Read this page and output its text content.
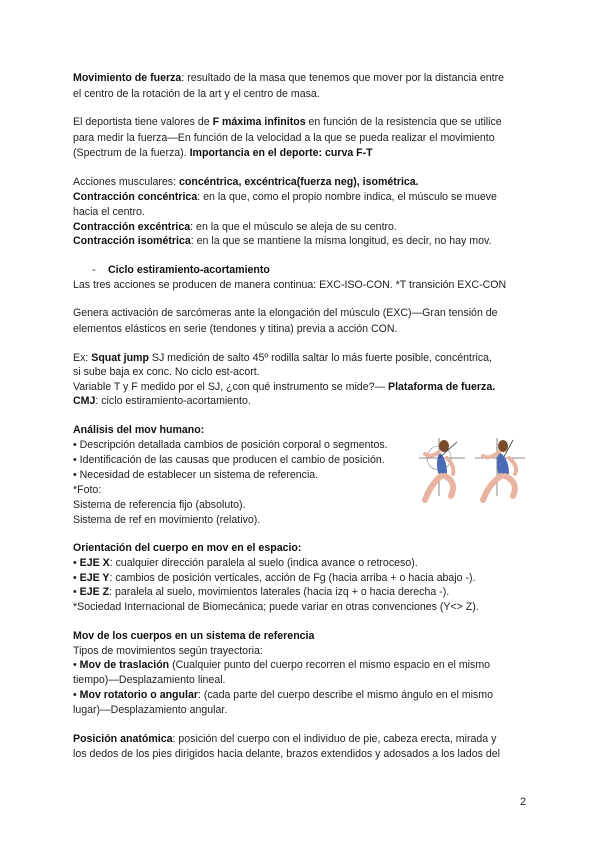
Movimiento de fuerza: resultado de la masa que tenemos que mover por la distancia entre
el centro de la rotación de la art y el centro de masa.
El deportista tiene valores de F máxima infinitos en función de la resistencia que se utilice
para medir la fuerza—En función de la velocidad a la que se pueda realizar el movimiento
(Spectrum de la fuerza). Importancia en el deporte: curva F-T
Acciones musculares: concéntrica, excéntrica(fuerza neg), isométrica.
Contracción concéntrica: en la que, como el propio nombre indica, el músculo se mueve
hacia el centro.
Contracción excéntrica: en la que el músculo se aleja de su centro.
Contracción isométrica: en la que se mantiene la misma longitud, es decir, no hay mov.
- Ciclo estiramiento-acortamiento
Las tres acciones se producen de manera continua: EXC-ISO-CON. *T transición EXC-CON
Genera activación de sarcómeras ante la elongación del músculo (EXC)—Gran tensión de
elementos elásticos en serie (tendones y titina) previa a acción CON.
Ex: Squat jump SJ medición de salto 45º rodilla saltar lo más fuerte posible, concéntrica,
si sube baja ex conc. No ciclo est-acort.
Variable T y F medido por el SJ, ¿con qué instrumento se mide?— Plataforma de fuerza.
CMJ: ciclo estiramiento-acortamiento.
Análisis del mov humano:
• Descripción detallada cambios de posición corporal o segmentos.
• Identificación de las causas que producen el cambio de posición.
• Necesidad de establecer un sistema de referencia.
*Foto:
Sistema de referencia fijo (absoluto).
Sistema de ref en movimiento (relativo).
Orientación del cuerpo en mov en el espacio:
• EJE X: cualquier dirección paralela al suelo (indica avance o retroceso).
• EJE Y: cambios de posición verticales, acción de Fg (hacia arriba + o hacia abajo -).
• EJE Z: paralela al suelo, movimientos laterales (hacia izq + o hacia derecha -).
*Sociedad Internacional de Biomecánica; puede variar en otras convenciones (Y<> Z).
Mov de los cuerpos en un sistema de referencia
Tipos de movimientos según trayectoria:
• Mov de traslación (Cualquier punto del cuerpo recorren el mismo espacio en el mismo
tiempo)—Desplazamiento lineal.
• Mov rotatorio o angular: (cada parte del cuerpo describe el mismo ángulo en el mismo
lugar)—Desplazamiento angular.
Posición anatómica: posición del cuerpo con el individuo de pie, cabeza erecta, mirada y
los dedos de los pies dirigidos hacia delante, brazos extendidos y adosados a los lados del
2
